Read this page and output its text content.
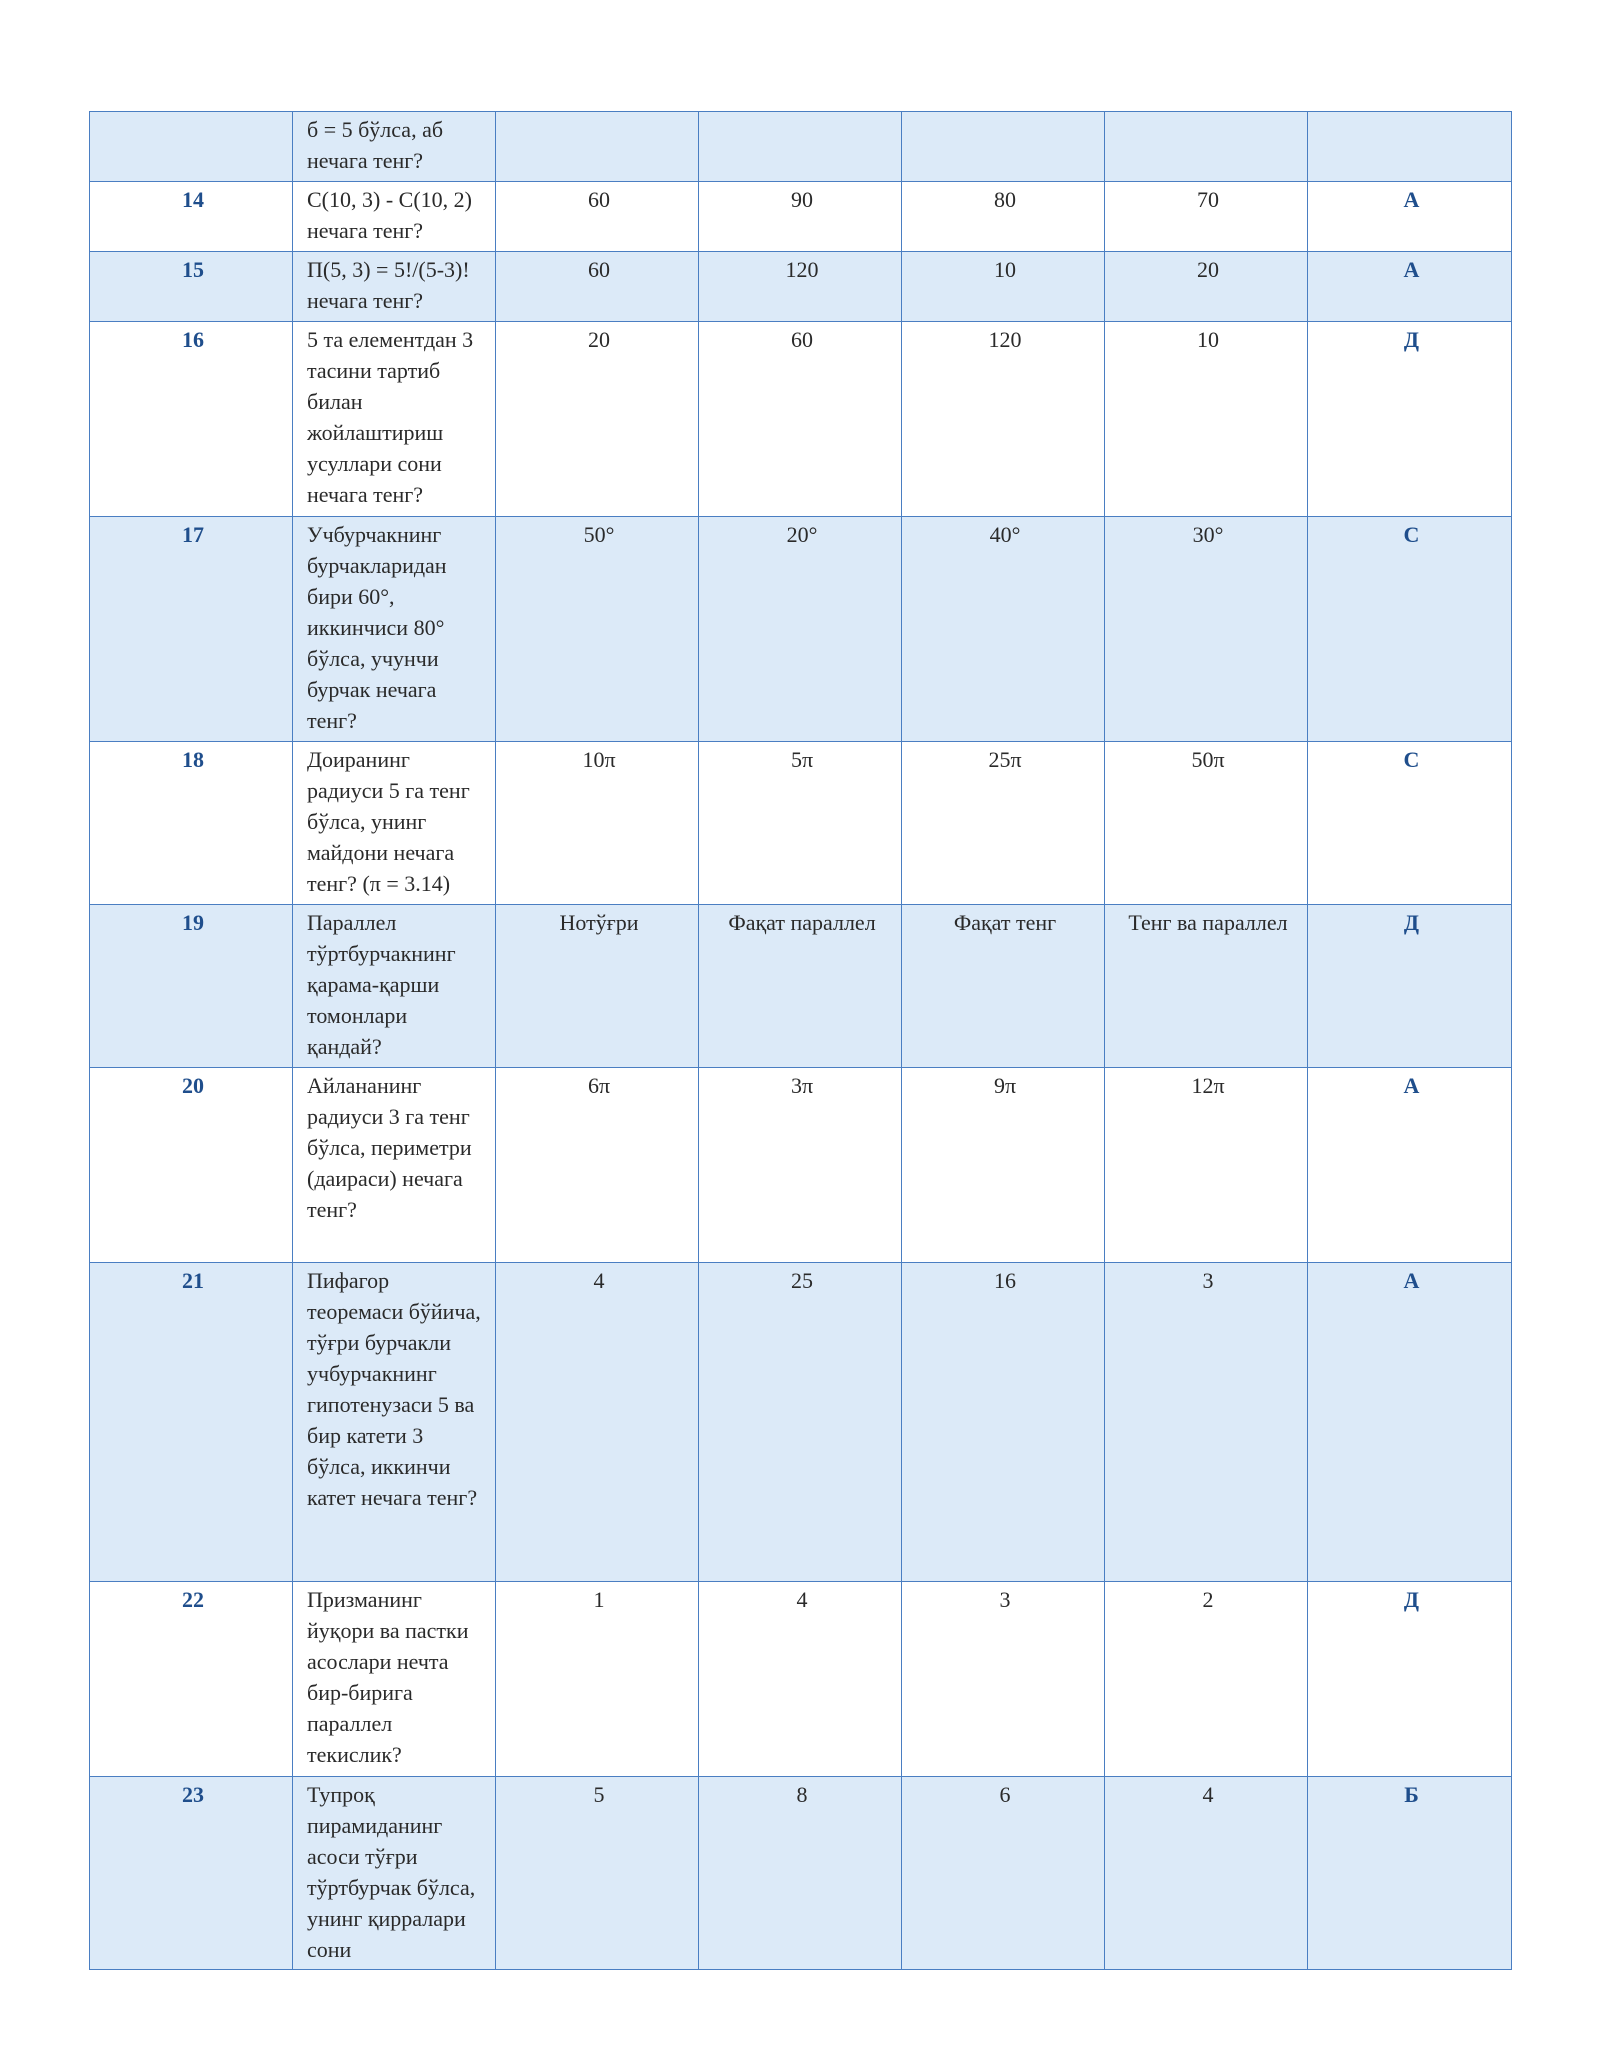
	б = 5 бўлса, аб нечага тенг?					
14	C(10, 3) - C(10, 2) нечага тенг?	60	90	80	70	А
15	П(5, 3) = 5!/(5-3)! нечага тенг?	60	120	10	20	А
16	5 та елементдан 3 тасини тартиб билан жойлаштириш усуллари сони нечага тенг?	20	60	120	10	Д
17	Учбурчакнинг бурчакларидан бири 60°, иккинчиси 80° бўлса, учунчи бурчак нечага тенг?	50°	20°	40°	30°	С
18	Доиранинг радиуси 5 га тенг бўлса, унинг майдони нечага тенг? (π = 3.14)	10π	5π	25π	50π	С
19	Параллел тўртбурчакнинг қарама-қарши томонлари қандай?	Нотўғри	Фақат параллел	Фақат тенг	Тенг ва параллел	Д
20	Айлананинг радиуси 3 га тенг бўлса, периметри (даираси) нечага тенг?	6π	3π	9π	12π	А
21	Пифагор теоремаси бўйича, тўғри бурчакли учбурчакнинг гипотенузаси 5 ва бир катети 3 бўлса, иккинчи катет нечага тенг?	4	25	16	3	А
22	Призманинг йуқори ва пастки асослари нечта бир-бирига параллел текислик?	1	4	3	2	Д
23	Тупроқ пирамиданинг асоси тўғри тўртбурчак бўлса, унинг қирралари сони	5	8	6	4	Б
